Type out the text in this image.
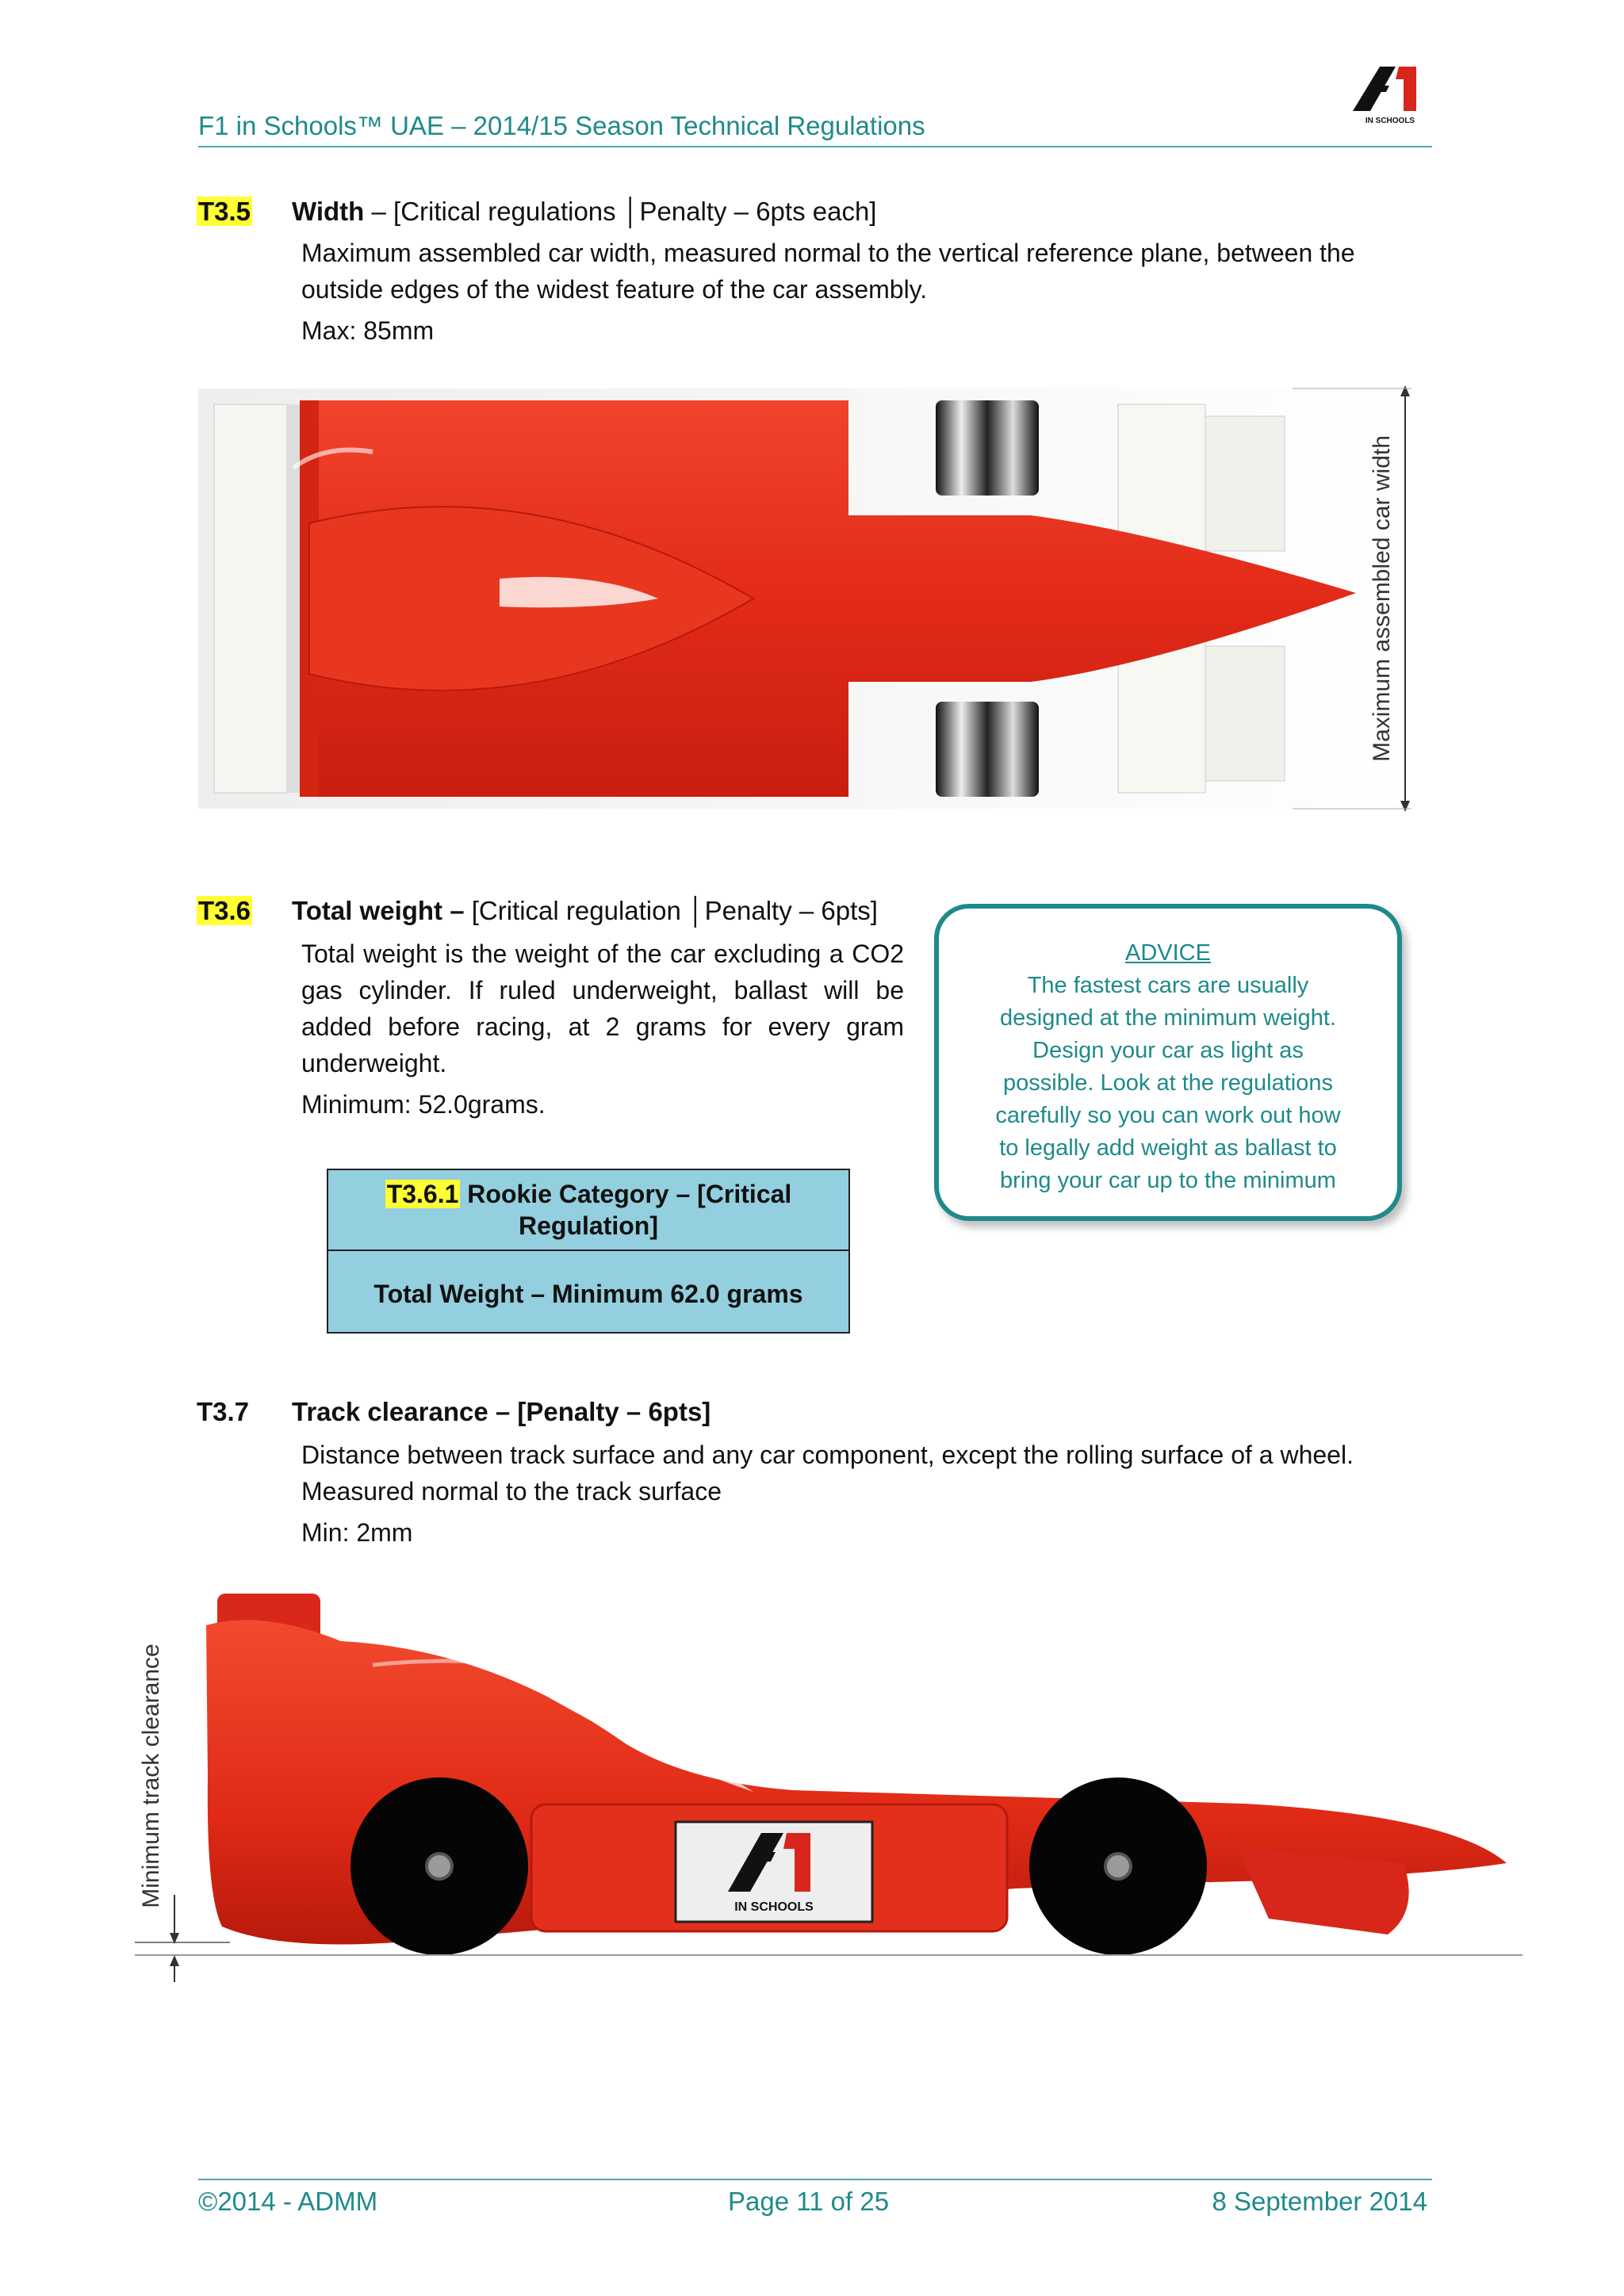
F1 in Schools™ UAE – 2014/15 Season Technical Regulations	IN SCHOOLS
T3.5 Width – [Critical regulations │Penalty – 6pts each]
Maximum assembled car width, measured normal to the vertical reference plane, between the outside edges of the widest feature of the car assembly.
Max: 85mm
Maximum assembled car width
T3.6 Total weight – [Critical regulation │Penalty – 6pts]
Total weight is the weight of the car excluding a CO2 gas cylinder. If ruled underweight, ballast will be added before racing, at 2 grams for every gram underweight.
Minimum: 52.0grams.
ADVICE
The fastest cars are usually
designed at the minimum weight.
Design your car as light as
possible. Look at the regulations
carefully so you can work out how
to legally add weight as ballast to
bring your car up to the minimum
T3.6.1 Rookie Category – [Critical Regulation]
Total Weight – Minimum 62.0 grams
T3.7 Track clearance – [Penalty – 6pts]
Distance between track surface and any car component, except the rolling surface of a wheel.
Measured normal to the track surface
Min: 2mm
IN SCHOOLS
Minimum track clearance
©2014 - ADMM	Page 11 of 25	8 September 2014
